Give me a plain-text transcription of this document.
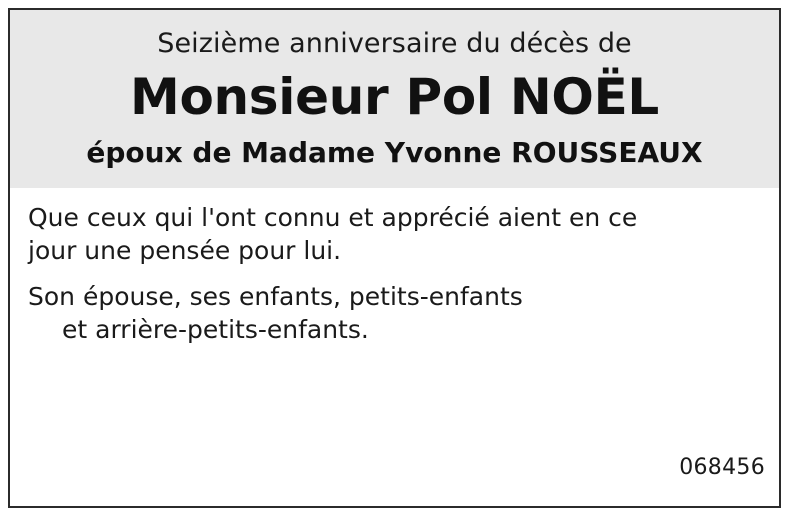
Seizième anniversaire du décès de
Monsieur Pol NOËL
époux de Madame Yvonne ROUSSEAUX

Que ceux qui l'ont connu et apprécié aient en ce
jour une pensée pour lui.

Son épouse, ses enfants, petits-enfants
et arrière-petits-enfants.

068456
